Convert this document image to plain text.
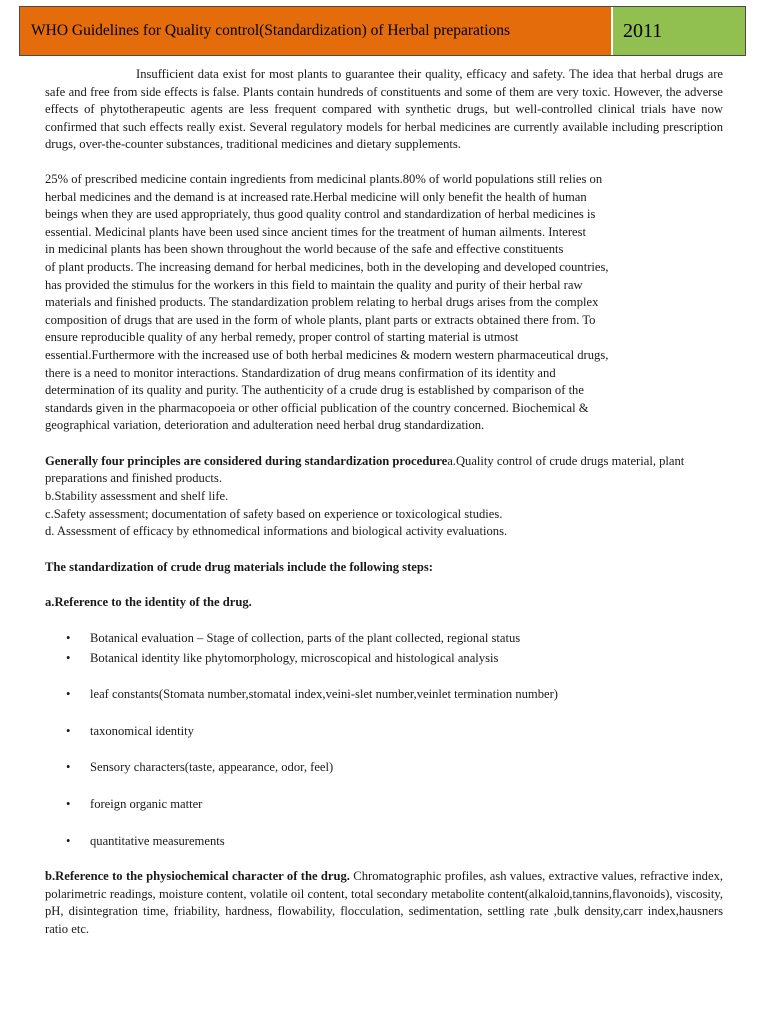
WHO Guidelines for Quality control(Standardization) of Herbal preparations	2011

Insufficient data exist for most plants to guarantee their quality, efficacy and safety. The idea that herbal drugs are safe and free from side effects is false. Plants contain hundreds of constituents and some of them are very toxic. However, the adverse effects of phytotherapeutic agents are less frequent compared with synthetic drugs, but well-controlled clinical trials have now confirmed that such effects really exist. Several regulatory models for herbal medicines are currently available including prescription drugs, over-the-counter substances, traditional medicines and dietary supplements.

25% of prescribed medicine contain ingredients from medicinal plants.80% of world populations still relies on

herbal medicines and the demand is at increased rate.Herbal medicine will only benefit the health of human

beings when they are used appropriately, thus good quality control and standardization of herbal medicines is

essential. Medicinal plants have been used since ancient times for the treatment of human ailments. Interest

in medicinal plants has been shown throughout the world because of the safe and effective constituents

of plant products. The increasing demand for herbal medicines, both in the developing and developed countries,

has provided the stimulus for the workers in this field to maintain the quality and purity of their herbal raw

materials and finished products. The standardization problem relating to herbal drugs arises from the complex

composition of drugs that are used in the form of whole plants, plant parts or extracts obtained there from. To

ensure reproducible quality of any herbal remedy, proper control of starting material is utmost

essential.Furthermore with the increased use of both herbal medicines & modern western pharmaceutical drugs,

there is a need to monitor interactions. Standardization of drug means confirmation of its identity and

determination of its quality and purity. The authenticity of a crude drug is established by comparison of the

standards given in the pharmacopoeia or other official publication of the country concerned. Biochemical &

geographical variation, deterioration and adulteration need herbal drug standardization.

Generally four principles are considered during standardization procedurea.Quality control of crude drugs material, plant preparations and finished products.

b.Stability assessment and shelf life.

c.Safety assessment; documentation of safety based on experience or toxicological studies.

d. Assessment of efficacy by ethnomedical informations and biological activity evaluations.

The standardization of crude drug materials include the following steps:

a.Reference to the identity of the drug.

• Botanical evaluation – Stage of collection, parts of the plant collected, regional status
• Botanical identity like phytomorphology, microscopical and histological analysis
• leaf constants(Stomata number,stomatal index,veini-slet number,veinlet termination number)
• taxonomical identity
• Sensory characters(taste, appearance, odor, feel)
• foreign organic matter
• quantitative measurements

b.Reference to the physiochemical character of the drug. Chromatographic profiles, ash values, extractive values, refractive index, polarimetric readings, moisture content, volatile oil content, total secondary metabolite content(alkaloid,tannins,flavonoids), viscosity, pH, disintegration time, friability, hardness, flowability, flocculation, sedimentation, settling rate ,bulk density,carr index,hausners ratio etc.
